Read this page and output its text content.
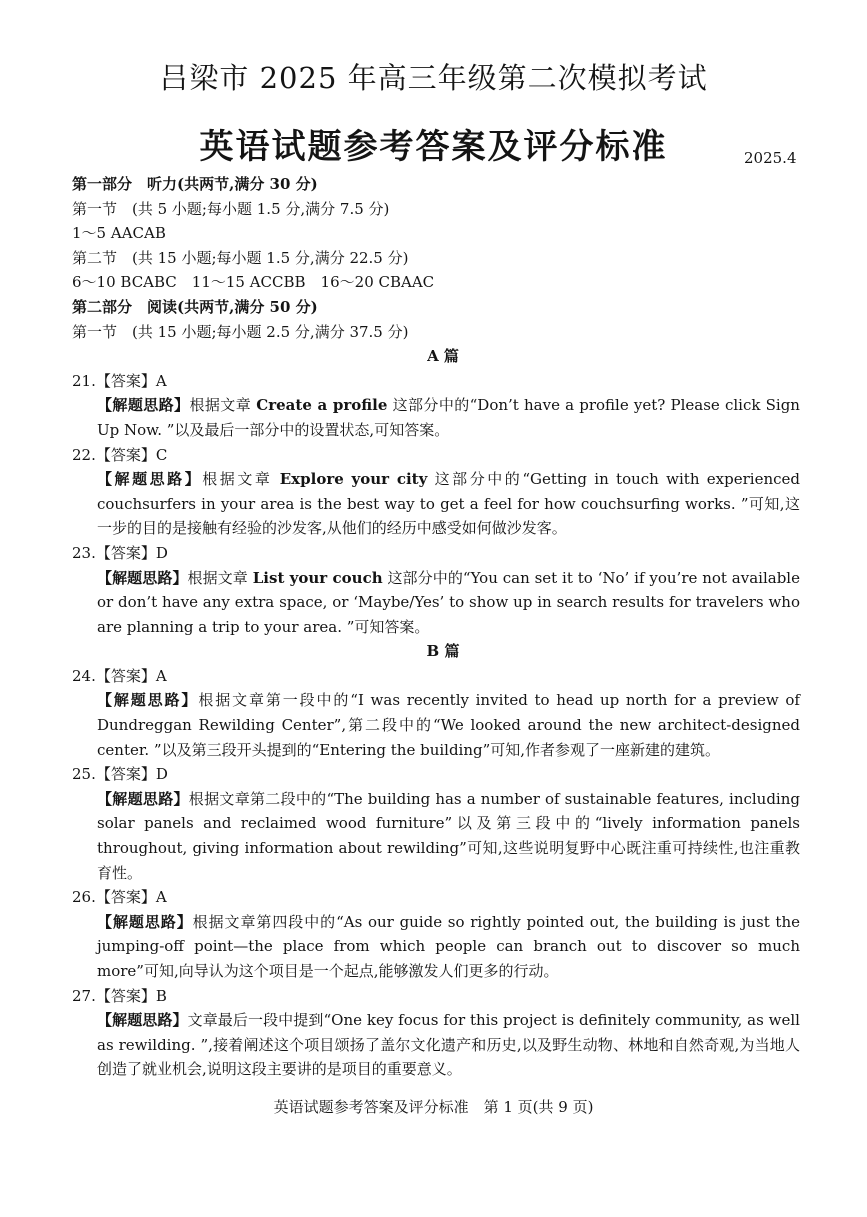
吕梁市 2025 年高三年级第二次模拟考试
英语试题参考答案及评分标准	2025.4
第一部分　听力(共两节,满分 30 分)
第一节　(共 5 小题;每小题 1.5 分,满分 7.5 分)
1～5 AACAB
第二节　(共 15 小题;每小题 1.5 分,满分 22.5 分)
6～10 BCABC　11～15 ACCBB　16～20 CBAAC
第二部分　阅读(共两节,满分 50 分)
第一节　(共 15 小题;每小题 2.5 分,满分 37.5 分)
A 篇
21.【答案】A
【解题思路】根据文章 Create a profile 这部分中的“Don’t have a profile yet? Please click Sign Up Now. ”以及最后一部分中的设置状态,可知答案。
22.【答案】C
【解题思路】根据文章 Explore your city 这部分中的“Getting in touch with experienced couchsurfers in your area is the best way to get a feel for how couchsurfing works. ”可知,这一步的目的是接触有经验的沙发客,从他们的经历中感受如何做沙发客。
23.【答案】D
【解题思路】根据文章 List your couch 这部分中的“You can set it to ‘No’ if you’re not available or don’t have any extra space, or ‘Maybe/Yes’ to show up in search results for travelers who are planning a trip to your area. ”可知答案。
B 篇
24.【答案】A
【解题思路】根据文章第一段中的“I was recently invited to head up north for a preview of Dundreggan Rewilding Center”,第二段中的“We looked around the new architect-designed center. ”以及第三段开头提到的“Entering the building”可知,作者参观了一座新建的建筑。
25.【答案】D
【解题思路】根据文章第二段中的“The building has a number of sustainable features, including solar panels and reclaimed wood furniture”以及第三段中的“lively information panels throughout, giving information about rewilding”可知,这些说明复野中心既注重可持续性,也注重教育性。
26.【答案】A
【解题思路】根据文章第四段中的“As our guide so rightly pointed out, the building is just the jumping-off point—the place from which people can branch out to discover so much more”可知,向导认为这个项目是一个起点,能够激发人们更多的行动。
27.【答案】B
【解题思路】文章最后一段中提到“One key focus for this project is definitely community, as well as rewilding. ”,接着阐述这个项目颂扬了盖尔文化遗产和历史,以及野生动物、林地和自然奇观,为当地人创造了就业机会,说明这段主要讲的是项目的重要意义。
英语试题参考答案及评分标准　第 1 页(共 9 页)
